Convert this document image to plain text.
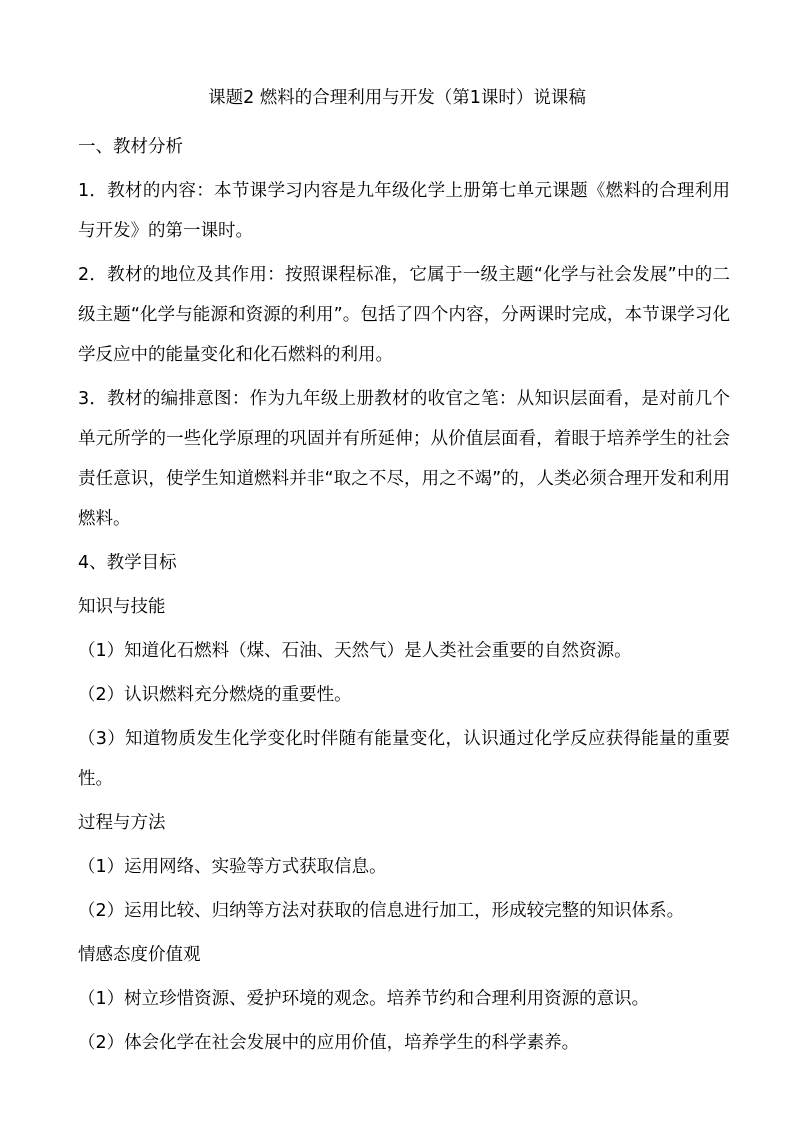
课题2 燃料的合理利用与开发（第1课时）说课稿

一、教材分析

1．教材的内容：本节课学习内容是九年级化学上册第七单元课题《燃料的合理利用与开发》的第一课时。

2．教材的地位及其作用：按照课程标准，它属于一级主题“化学与社会发展”中的二级主题“化学与能源和资源的利用”。包括了四个内容，分两课时完成，本节课学习化学反应中的能量变化和化石燃料的利用。

3．教材的编排意图：作为九年级上册教材的收官之笔：从知识层面看，是对前几个单元所学的一些化学原理的巩固并有所延伸；从价值层面看，着眼于培养学生的社会责任意识，使学生知道燃料并非“取之不尽，用之不竭”的，人类必须合理开发和利用燃料。

4、教学目标

知识与技能

（1）知道化石燃料（煤、石油、天然气）是人类社会重要的自然资源。

（2）认识燃料充分燃烧的重要性。

（3）知道物质发生化学变化时伴随有能量变化，认识通过化学反应获得能量的重要性。

过程与方法

（1）运用网络、实验等方式获取信息。

（2）运用比较、归纳等方法对获取的信息进行加工，形成较完整的知识体系。

情感态度价值观

（1）树立珍惜资源、爱护环境的观念。培养节约和合理利用资源的意识。

（2）体会化学在社会发展中的应用价值，培养学生的科学素养。
